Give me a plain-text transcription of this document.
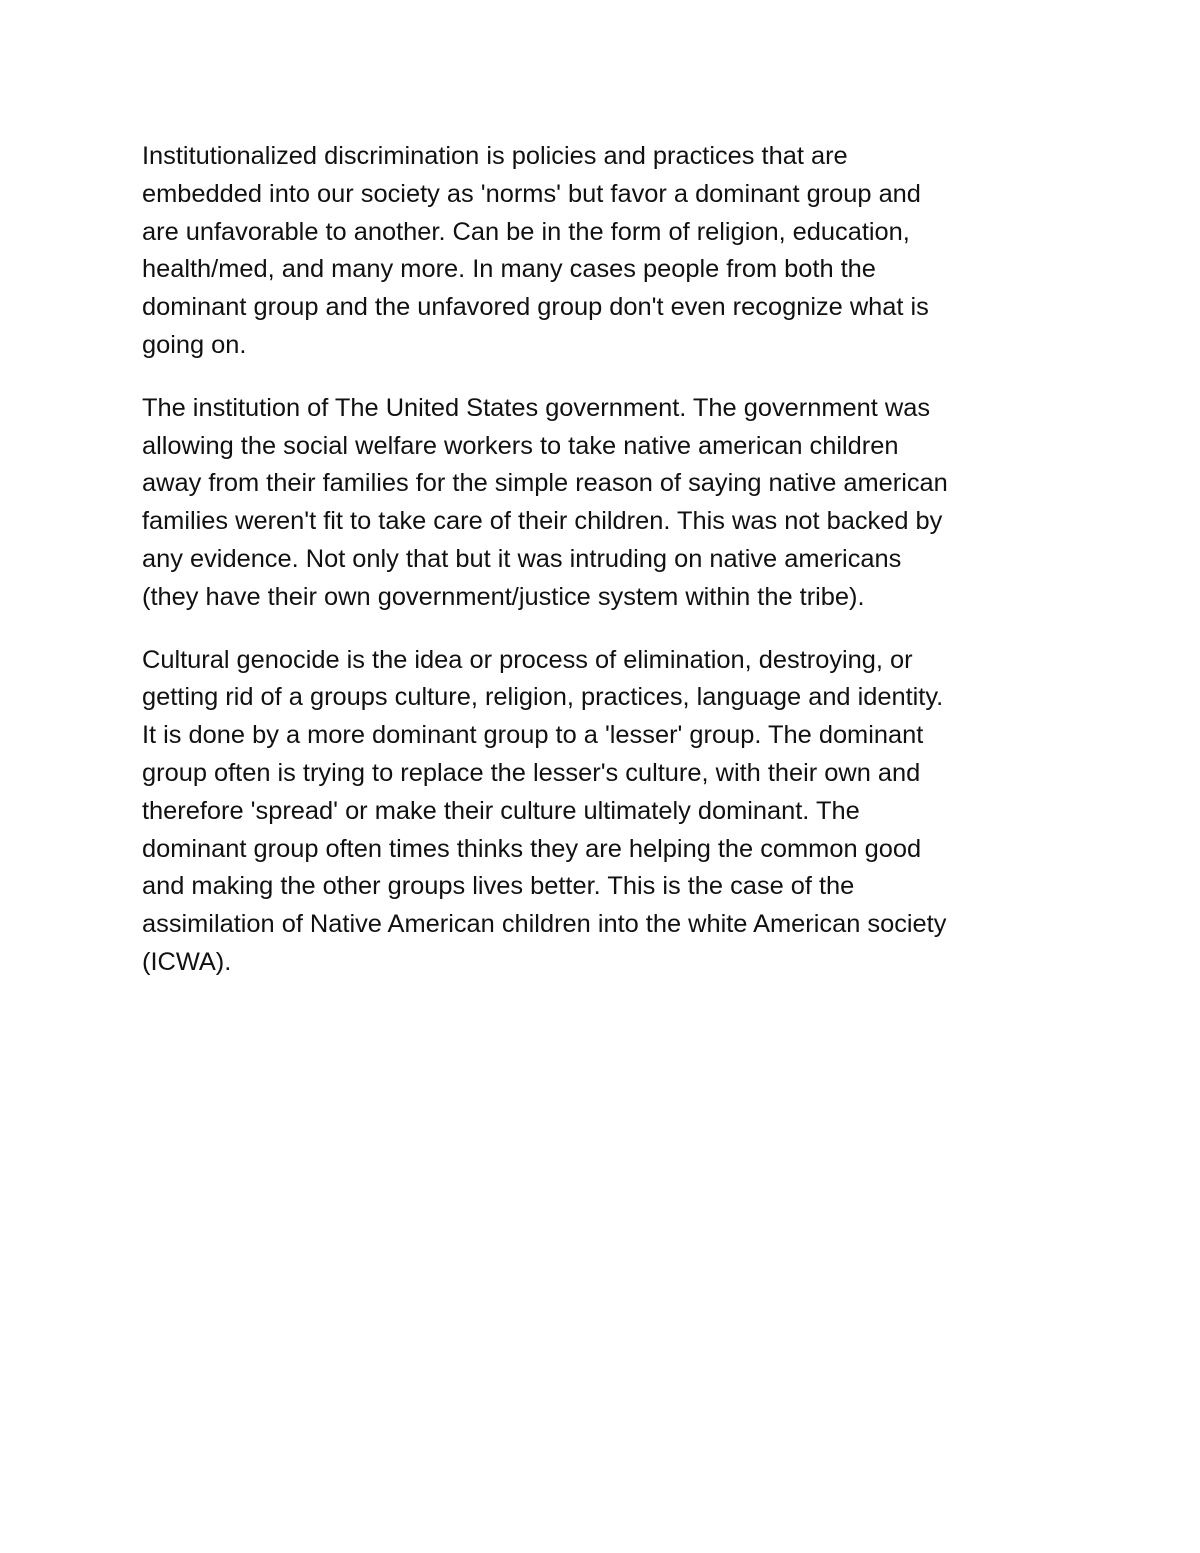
Institutionalized discrimination is policies and practices that are
embedded into our society as 'norms' but favor a dominant group and
are unfavorable to another. Can be in the form of religion, education,
health/med, and many more. In many cases people from both the
dominant group and the unfavored group don't even recognize what is
going on.

The institution of The United States government. The government was
allowing the social welfare workers to take native american children
away from their families for the simple reason of saying native american
families weren't fit to take care of their children. This was not backed by
any evidence. Not only that but it was intruding on native americans
(they have their own government/justice system within the tribe).

Cultural genocide is the idea or process of elimination, destroying, or
getting rid of a groups culture, religion, practices, language and identity.
It is done by a more dominant group to a 'lesser' group. The dominant
group often is trying to replace the lesser's culture, with their own and
therefore 'spread' or make their culture ultimately dominant. The
dominant group often times thinks they are helping the common good
and making the other groups lives better. This is the case of the
assimilation of Native American children into the white American society
(ICWA).
